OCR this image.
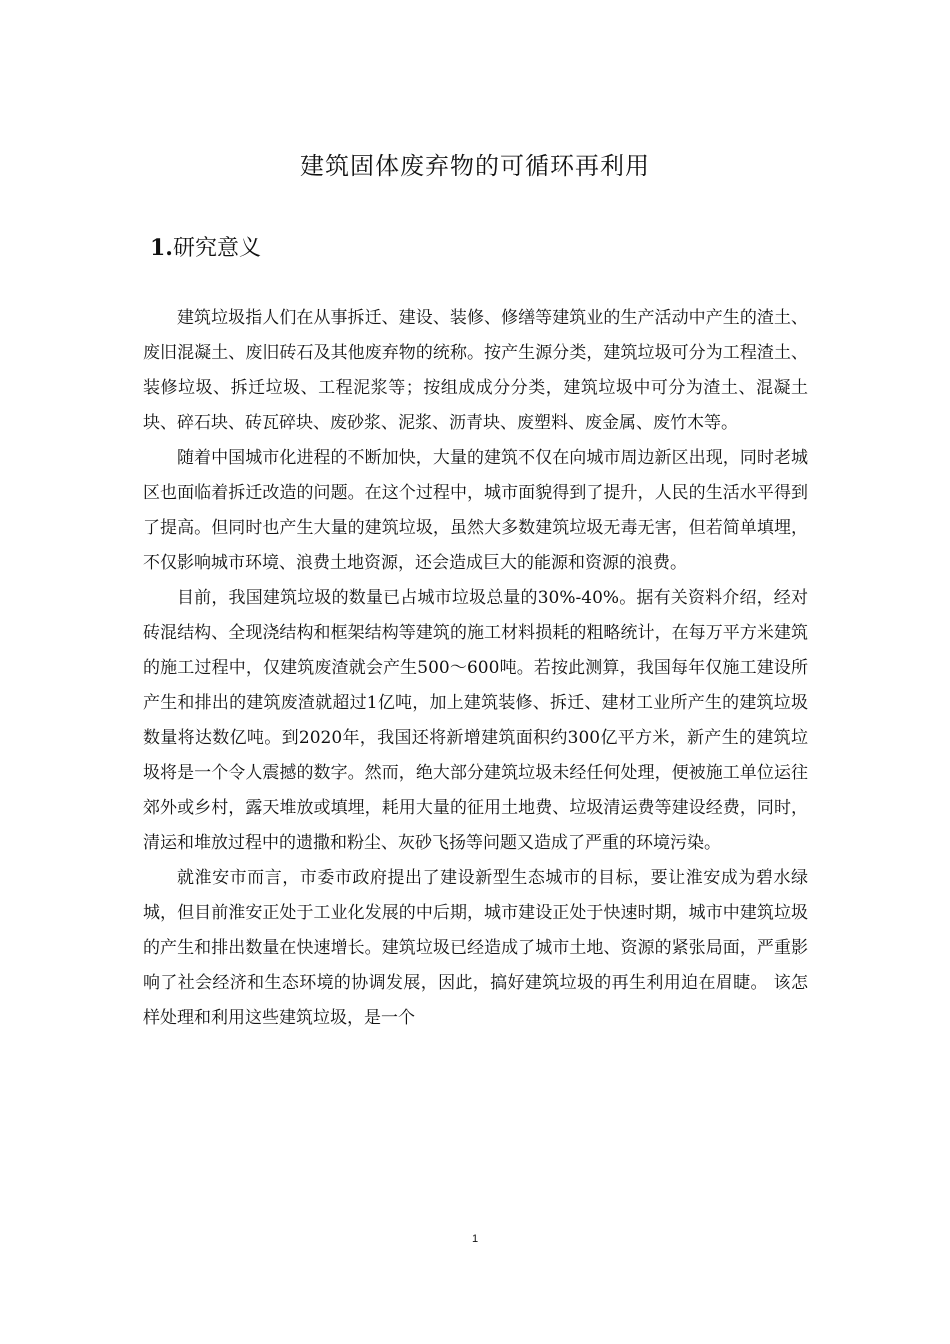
建筑固体废弃物的可循环再利用
1.研究意义

建筑垃圾指人们在从事拆迁、建设、装修、修缮等建筑业的生产活动中产生的渣土、废旧混凝土、废旧砖石及其他废弃物的统称。按产生源分类，建筑垃圾可分为工程渣土、装修垃圾、拆迁垃圾、工程泥浆等；按组成成分分类，建筑垃圾中可分为渣土、混凝土块、碎石块、砖瓦碎块、废砂浆、泥浆、沥青块、废塑料、废金属、废竹木等。

随着中国城市化进程的不断加快，大量的建筑不仅在向城市周边新区出现，同时老城区也面临着拆迁改造的问题。在这个过程中，城市面貌得到了提升，人民的生活水平得到了提高。但同时也产生大量的建筑垃圾，虽然大多数建筑垃圾无毒无害，但若简单填埋，不仅影响城市环境、浪费土地资源，还会造成巨大的能源和资源的浪费。

目前，我国建筑垃圾的数量已占城市垃圾总量的30%-40%。据有关资料介绍，经对砖混结构、全现浇结构和框架结构等建筑的施工材料损耗的粗略统计，在每万平方米建筑的施工过程中，仅建筑废渣就会产生500～600吨。若按此测算，我国每年仅施工建设所产生和排出的建筑废渣就超过1亿吨，加上建筑装修、拆迁、建材工业所产生的建筑垃圾数量将达数亿吨。到2020年，我国还将新增建筑面积约300亿平方米，新产生的建筑垃圾将是一个令人震撼的数字。然而，绝大部分建筑垃圾未经任何处理，便被施工单位运往郊外或乡村，露天堆放或填埋，耗用大量的征用土地费、垃圾清运费等建设经费，同时，清运和堆放过程中的遗撒和粉尘、灰砂飞扬等问题又造成了严重的环境污染。

就淮安市而言，市委市政府提出了建设新型生态城市的目标，要让淮安成为碧水绿城，但目前淮安正处于工业化发展的中后期，城市建设正处于快速时期，城市中建筑垃圾的产生和排出数量在快速增长。建筑垃圾已经造成了城市土地、资源的紧张局面，严重影响了社会经济和生态环境的协调发展，因此，搞好建筑垃圾的再生利用迫在眉睫。 该怎样处理和利用这些建筑垃圾，是一个

1
